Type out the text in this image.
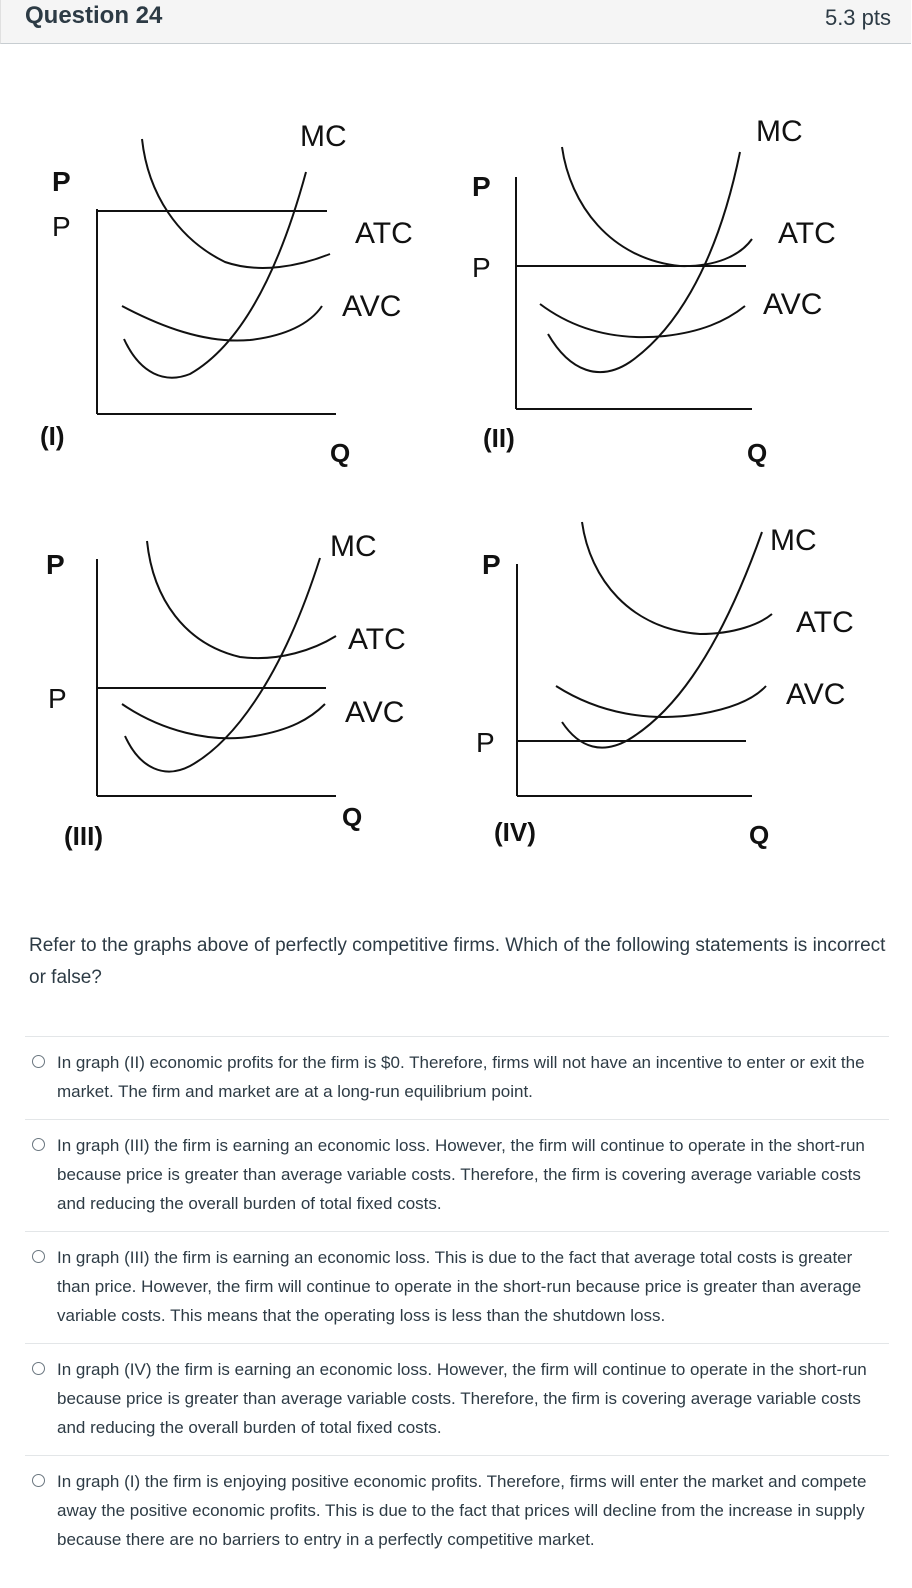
Question 24	5.3 pts
P
P
MC
ATC
AVC
(I)
Q
P
P
MC
ATC
AVC
(II)	Q
P
P
MC
ATC
AVC
(III)
Q
P
P
MC
ATC
AVC
(IV)	Q
Refer to the graphs above of perfectly competitive firms. Which of the following statements is incorrect or false?
In graph (II) economic profits for the firm is $0. Therefore, firms will not have an incentive to enter or exit the market. The firm and market are at a long-run equilibrium point.
In graph (III) the firm is earning an economic loss. However, the firm will continue to operate in the short-run because price is greater than average variable costs. Therefore, the firm is covering average variable costs and reducing the overall burden of total fixed costs.
In graph (III) the firm is earning an economic loss. This is due to the fact that average total costs is greater than price. However, the firm will continue to operate in the short-run because price is greater than average variable costs. This means that the operating loss is less than the shutdown loss.
In graph (IV) the firm is earning an economic loss. However, the firm will continue to operate in the short-run because price is greater than average variable costs. Therefore, the firm is covering average variable costs and reducing the overall burden of total fixed costs.
In graph (I) the firm is enjoying positive economic profits. Therefore, firms will enter the market and compete away the positive economic profits. This is due to the fact that prices will decline from the increase in supply because there are no barriers to entry in a perfectly competitive market.
